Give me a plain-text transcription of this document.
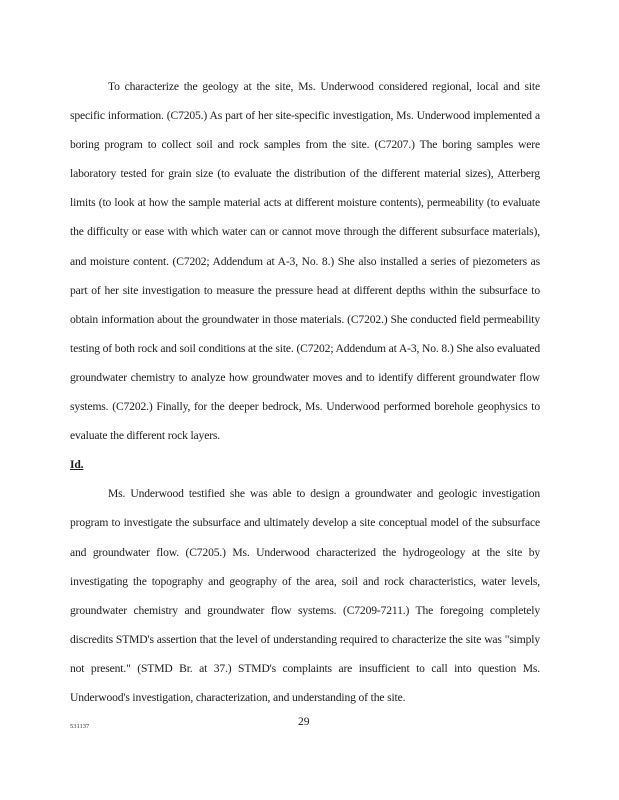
To characterize the geology at the site, Ms. Underwood considered regional, local and site specific information. (C7205.) As part of her site-specific investigation, Ms. Underwood implemented a boring program to collect soil and rock samples from the site. (C7207.) The boring samples were laboratory tested for grain size (to evaluate the distribution of the different material sizes), Atterberg limits (to look at how the sample material acts at different moisture contents), permeability (to evaluate the difficulty or ease with which water can or cannot move through the different subsurface materials), and moisture content. (C7202; Addendum at A-3, No. 8.) She also installed a series of piezometers as part of her site investigation to measure the pressure head at different depths within the subsurface to obtain information about the groundwater in those materials. (C7202.) She conducted field permeability testing of both rock and soil conditions at the site. (C7202; Addendum at A-3, No. 8.) She also evaluated groundwater chemistry to analyze how groundwater moves and to identify different groundwater flow systems. (C7202.) Finally, for the deeper bedrock, Ms. Underwood performed borehole geophysics to evaluate the different rock layers.

Id.

Ms. Underwood testified she was able to design a groundwater and geologic investigation program to investigate the subsurface and ultimately develop a site conceptual model of the subsurface and groundwater flow. (C7205.) Ms. Underwood characterized the hydrogeology at the site by investigating the topography and geography of the area, soil and rock characteristics, water levels, groundwater chemistry and groundwater flow systems. (C7209-7211.) The foregoing completely discredits STMD's assertion that the level of understanding required to characterize the site was "simply not present." (STMD Br. at 37.) STMD's complaints are insufficient to call into question Ms. Underwood's investigation, characterization, and understanding of the site.

531137	29
